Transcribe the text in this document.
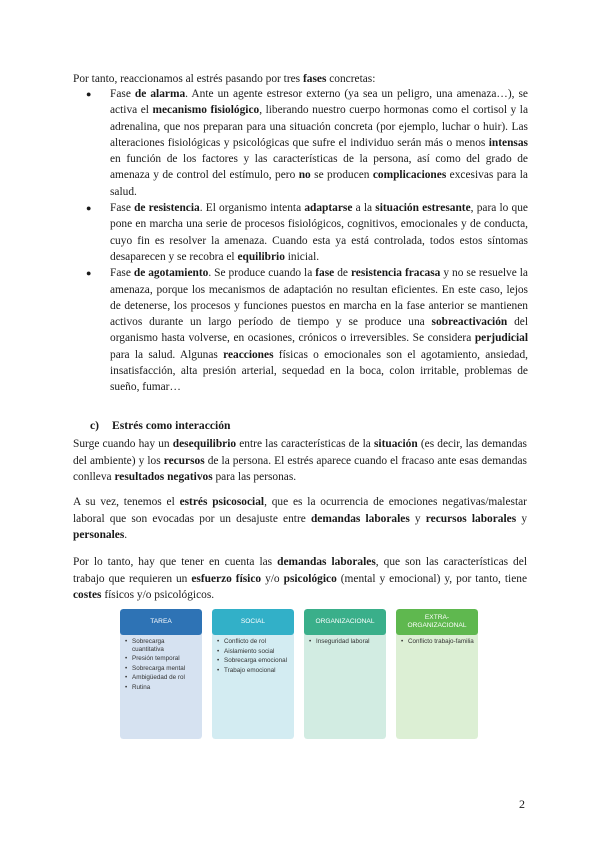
Por tanto, reaccionamos al estrés pasando por tres fases concretas:

● Fase de alarma. Ante un agente estresor externo (ya sea un peligro, una amenaza…), se activa el mecanismo fisiológico, liberando nuestro cuerpo hormonas como el cortisol y la adrenalina, que nos preparan para una situación concreta (por ejemplo, luchar o huir). Las alteraciones fisiológicas y psicológicas que sufre el individuo serán más o menos intensas en función de los factores y las características de la persona, así como del grado de amenaza y de control del estímulo, pero no se producen complicaciones excesivas para la salud.
● Fase de resistencia. El organismo intenta adaptarse a la situación estresante, para lo que pone en marcha una serie de procesos fisiológicos, cognitivos, emocionales y de conducta, cuyo fin es resolver la amenaza. Cuando esta ya está controlada, todos estos síntomas desaparecen y se recobra el equilibrio inicial.
● Fase de agotamiento. Se produce cuando la fase de resistencia fracasa y no se resuelve la amenaza, porque los mecanismos de adaptación no resultan eficientes. En este caso, lejos de detenerse, los procesos y funciones puestos en marcha en la fase anterior se mantienen activos durante un largo período de tiempo y se produce una sobreactivación del organismo hasta volverse, en ocasiones, crónicos o irreversibles. Se considera perjudicial para la salud. Algunas reacciones físicas o emocionales son el agotamiento, ansiedad, insatisfacción, alta presión arterial, sequedad en la boca, colon irritable, problemas de sueño, fumar…

c) Estrés como interacción

Surge cuando hay un desequilibrio entre las características de la situación (es decir, las demandas del ambiente) y los recursos de la persona. El estrés aparece cuando el fracaso ante esas demandas conlleva resultados negativos para las personas.

A su vez, tenemos el estrés psicosocial, que es la ocurrencia de emociones negativas/malestar laboral que son evocadas por un desajuste entre demandas laborales y recursos laborales y personales.

Por lo tanto, hay que tener en cuenta las demandas laborales, que son las características del trabajo que requieren un esfuerzo físico y/o psicológico (mental y emocional) y, por tanto, tiene costes físicos y/o psicológicos.

TAREA
• Sobrecarga cuantitativa
• Presión temporal
• Sobrecarga mental
• Ambigüedad de rol
• Rutina
SOCIAL
• Conflicto de rol
• Aislamiento social
• Sobrecarga emocional
• Trabajo emocional
ORGANIZACIONAL
• Inseguridad laboral
EXTRA-ORGANIZACIONAL
• Conflicto trabajo-familia
2
